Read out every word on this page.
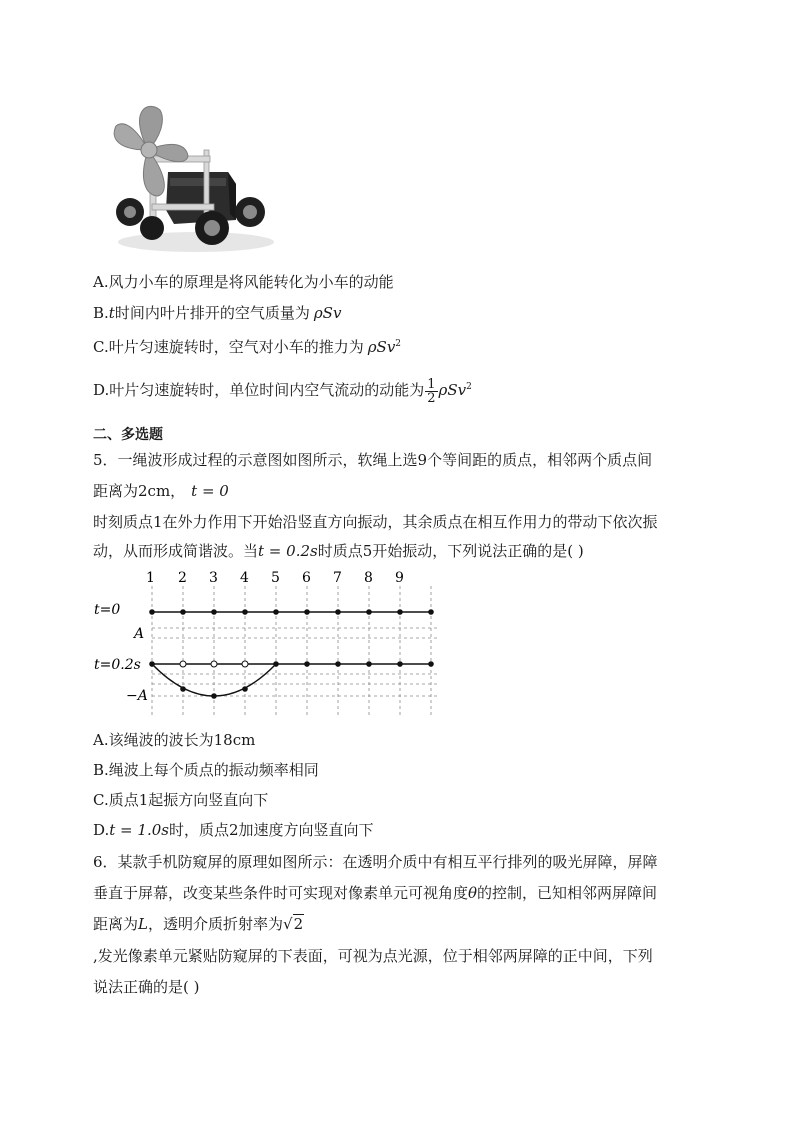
A.风力小车的原理是将风能转化为小车的动能
B.t时间内叶片排开的空气质量为 ρSv
C.叶片匀速旋转时，空气对小车的推力为 ρSv$^2$
D.叶片匀速旋转时，单位时间内空气流动的动能为 $\frac{1}{2} \rho Sv^2$
二、多选题
5．一绳波形成过程的示意图如图所示，软绳上选9个等间距的质点，相邻两个质点间
距离为2cm， t = 0
时刻质点1在外力作用下开始沿竖直方向振动，其余质点在相互作用力的带动下依次振
动，从而形成简谐波。当t = 0.2s时质点5开始振动，下列说法正确的是( )
1 2 3 4 5 6 7 8 9
t=0
A
t=0.2s
−A
A.该绳波的波长为18cm
B.绳波上每个质点的振动频率相同
C.质点1起振方向竖直向下
D.t = 1.0s时，质点2加速度方向竖直向下
6．某款手机防窥屏的原理如图所示：在透明介质中有相互平行排列的吸光屏障，屏障
垂直于屏幕，改变某些条件时可实现对像素单元可视角度θ的控制，已知相邻两屏障间
距离为L，透明介质折射率为√2
,发光像素单元紧贴防窥屏的下表面，可视为点光源，位于相邻两屏障的正中间，下列
说法正确的是( )
